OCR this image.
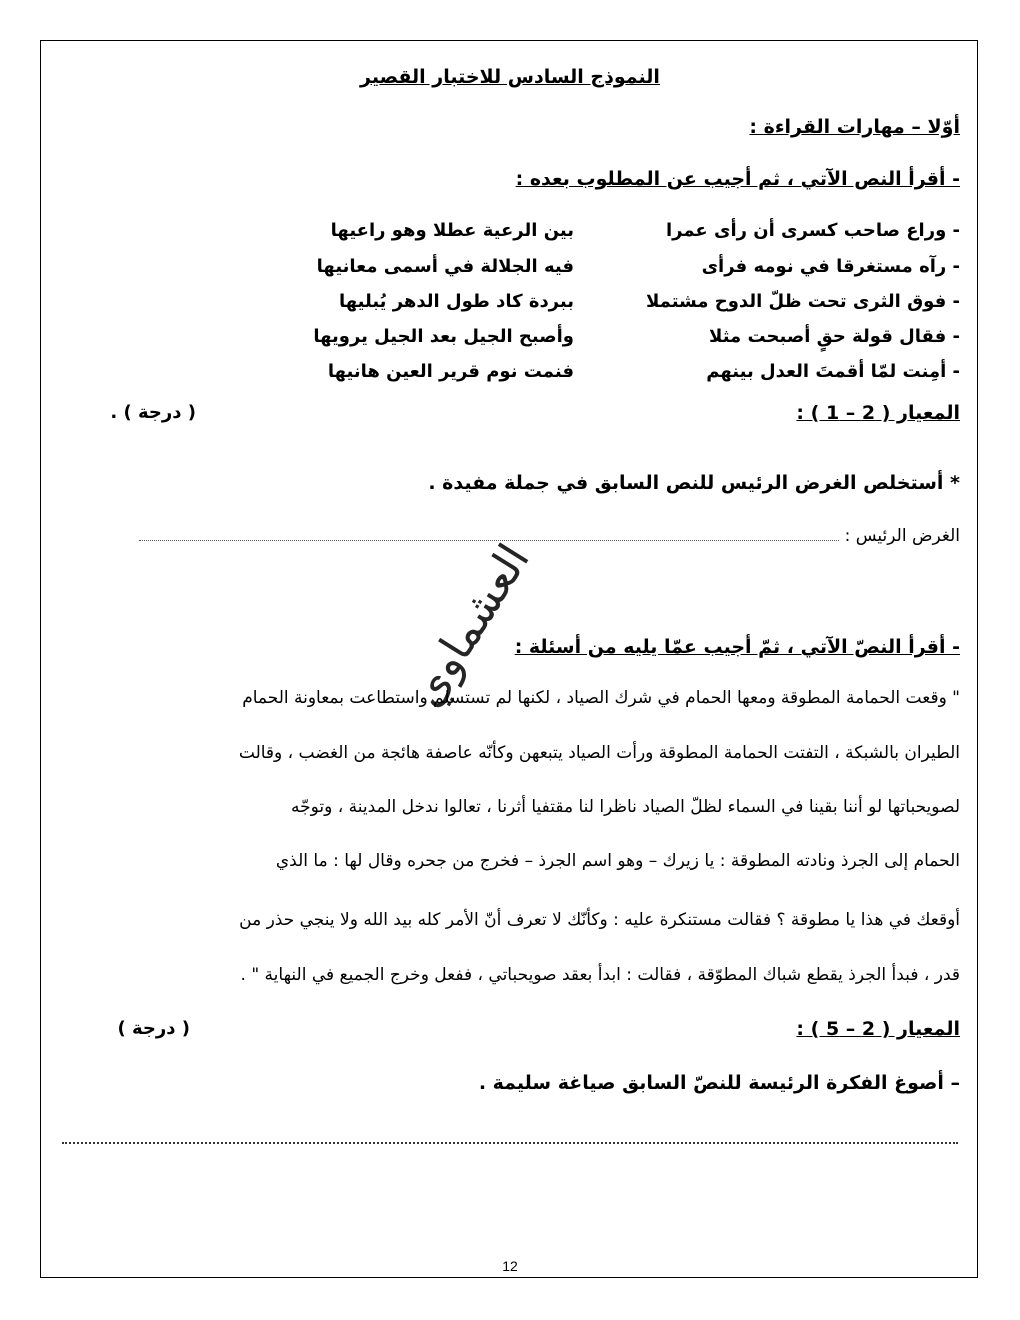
النموذج السادس للاختبار القصير
أوّلا – مهارات القراءة :
- أقرأ النص الآتي ، ثم أجيب عن المطلوب بعده :
- وراع صاحب كسرى أن رأى عمرا
بين الرعية عطلا وهو راعيها
- رآه مستغرقا في نومه فرأى
فيه الجلالة في أسمى معانيها
- فوق الثرى تحت ظلّ الدوح مشتملا
ببردة كاد طول الدهر يُبليها
- فقال قولة حقٍ أصبحت مثلا
وأصبح الجيل بعد الجيل يرويها
- أمِنت لمّا أقمتَ العدل بينهم
فنمت نوم قرير العين هانيها
المعيار ( 2 – 1 ) :
( درجة ) .
* أستخلص الغرض الرئيس للنص السابق في جملة مفيدة .
الغرض الرئيس :
العشماوي
- أقرأ النصّ الآتي ، ثمّ أجيب عمّا يليه من أسئلة :
" وقعت الحمامة المطوقة ومعها الحمام في شرك الصياد ، لكنها لم تستسلم واستطاعت بمعاونة الحمام
الطيران بالشبكة ، التفتت الحمامة المطوقة ورأت الصياد يتبعهن وكأنّه عاصفة هائجة من الغضب ، وقالت
لصويحباتها لو أننا بقينا في السماء لظلّ الصياد ناظرا لنا مقتفيا أثرنا ، تعالوا ندخل المدينة ، وتوجّه
الحمام إلى الجرذ ونادته المطوقة : يا زيرك – وهو اسم الجرذ – فخرج من جحره وقال لها : ما الذي
أوقعك في هذا يا مطوقة ؟ فقالت مستنكرة عليه : وكأنّك لا تعرف أنّ الأمر كله بيد الله ولا ينجي حذر من
قدر ، فبدأ الجرذ يقطع شباك المطوّقة ، فقالت : ابدأ بعقد صويحباتي ، ففعل وخرج الجميع في النهاية " .
المعيار ( 2 – 5 ) :
( درجة )
– أصوغ الفكرة الرئيسة للنصّ السابق صياغة سليمة .
12
